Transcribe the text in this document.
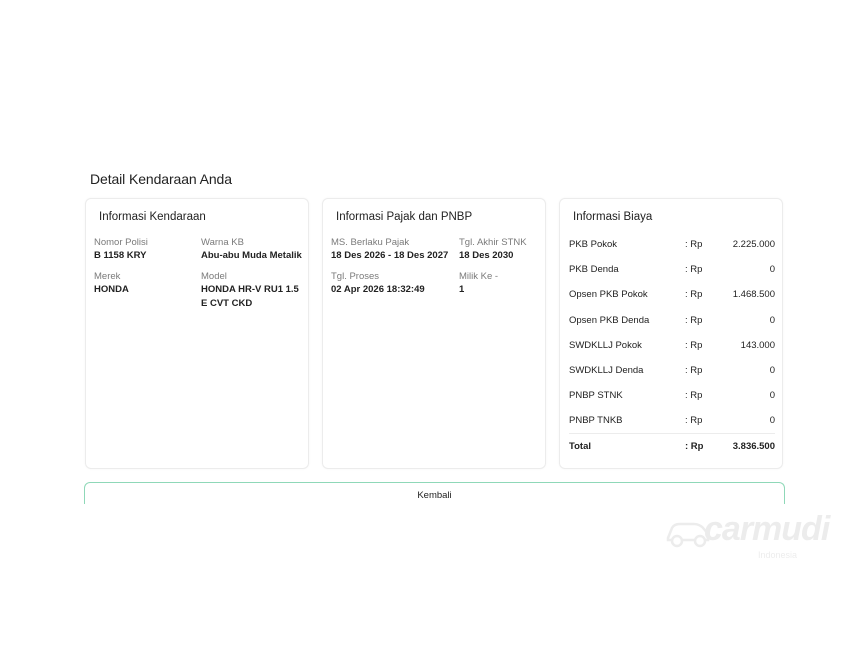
Detail Kendaraan Anda
Informasi Kendaraan
Nomor Polisi
B 1158 KRY
Warna KB
Abu-abu Muda Metalik
Merek
HONDA
Model
HONDA HR-V RU1 1.5
E CVT CKD
Informasi Pajak dan PNBP
MS. Berlaku Pajak
18 Des 2026 - 18 Des 2027
Tgl. Akhir STNK
18 Des 2030
Tgl. Proses
02 Apr 2026 18:32:49
Milik Ke -
1
Informasi Biaya
PKB Pokok	: Rp	2.225.000
PKB Denda	: Rp	0
Opsen PKB Pokok	: Rp	1.468.500
Opsen PKB Denda	: Rp	0
SWDKLLJ Pokok	: Rp	143.000
SWDKLLJ Denda	: Rp	0
PNBP STNK	: Rp	0
PNBP TNKB	: Rp	0
Total	: Rp	3.836.500
Kembali
carmudi
Indonesia
